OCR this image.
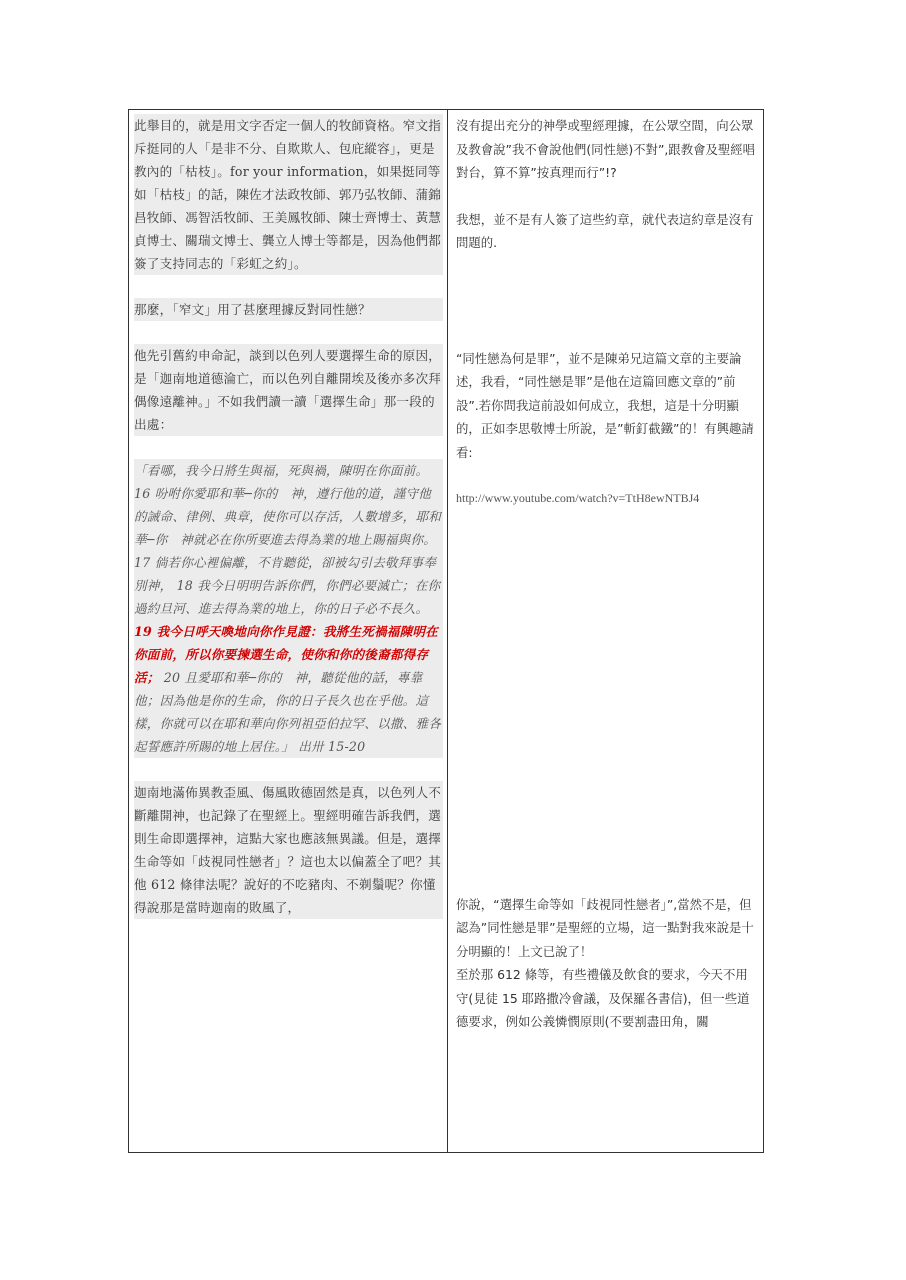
此舉目的，就是用文字否定一個人的牧師資格。窄文指斥挺同的人「是非不分、自欺欺人、包庇縱容」，更是教內的「枯枝」。for your information，如果挺同等如「枯枝」的話，陳佐才法政牧師、郭乃弘牧師、蒲錦昌牧師、馮智活牧師、王美鳳牧師、陳士齊博士、黃慧貞博士、關瑞文博士、龔立人博士等都是，因為他們都簽了支持同志的「彩虹之約」。

那麼，「窄文」用了甚麼理據反對同性戀？

他先引舊約申命記，談到以色列人要選擇生命的原因，是「迦南地道德淪亡，而以色列自離開埃及後亦多次拜偶像遠離神。」不如我們讀一讀「選擇生命」那一段的出處：

「看哪，我今日將生與福，死與禍，陳明在你面前。16 吩咐你愛耶和華─你的　神，遵行他的道，謹守他的誡命、律例、典章，使你可以存活，人數增多，耶和華─你　神就必在你所要進去得為業的地上賜福與你。 17 倘若你心裡偏離，不肯聽從，卻被勾引去敬拜事奉別神， 18 我今日明明告訴你們，你們必要滅亡；在你過約旦河、進去得為業的地上，你的日子必不長久。 19 我今日呼天喚地向你作見證：我將生死禍福陳明在你面前，所以你要揀選生命，使你和你的後裔都得存活； 20 且愛耶和華─你的　神，聽從他的話，專靠他；因為他是你的生命，你的日子長久也在乎他。這樣，你就可以在耶和華向你列祖亞伯拉罕、以撒、雅各起誓應許所賜的地上居住。」 出卅 15-20

迦南地滿佈異教歪風、傷風敗德固然是真，以色列人不斷離開神，也記錄了在聖經上。聖經明確告訴我們，選則生命即選擇神，這點大家也應該無異議。但是，選擇生命等如「歧視同性戀者」？這也太以偏蓋全了吧？其他 612 條律法呢？說好的不吃豬肉、不剃鬚呢？你懂得說那是當時迦南的敗風了，

沒有提出充分的神學或聖經理據，在公眾空間，向公眾及教會說”我不會說他們(同性戀)不對”,跟教會及聖經唱對台，算不算”按真理而行”!?

我想，並不是有人簽了這些約章，就代表這約章是沒有問題的.

“同性戀為何是罪”，並不是陳弟兄這篇文章的主要論述，我看，“同性戀是罪”是他在這篇回應文章的”前設”.若你問我這前設如何成立，我想，這是十分明顯的，正如李思敬博士所說，是”斬釘截鐵”的！有興趣請看:

http://www.youtube.com/watch?v=TtH8ewNTBJ4

你說，“選擇生命等如「歧視同性戀者」”,當然不是，但認為”同性戀是罪”是聖經的立場，這一點對我來說是十分明顯的！上文已說了！

至於那 612 條等，有些禮儀及飲食的要求，今天不用守(見徒 15 耶路撒冷會議，及保羅各書信)，但一些道德要求，例如公義憐憫原則(不要割盡田角，關
